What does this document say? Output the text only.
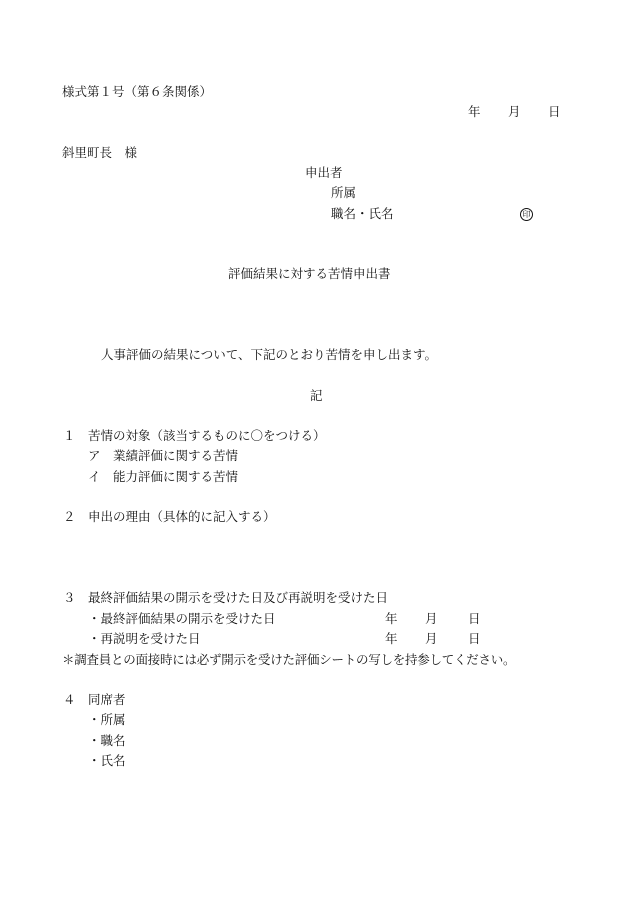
様式第１号（第６条関係）
年 月 日
斜里町長　様
申出者
所属
職名・氏名	印
評価結果に対する苦情申出書
人事評価の結果について、下記のとおり苦情を申し出ます。
記
１ 苦情の対象（該当するものに〇をつける）
ア　業績評価に関する苦情
イ　能力評価に関する苦情
２ 申出の理由（具体的に記入する）
３ 最終評価結果の開示を受けた日及び再説明を受けた日
・最終評価結果の開示を受けた日	年 月 日
・再説明を受けた日	年 月 日
＊調査員との面接時には必ず開示を受けた評価シートの写しを持参してください。
４ 同席者
・所属
・職名
・氏名
